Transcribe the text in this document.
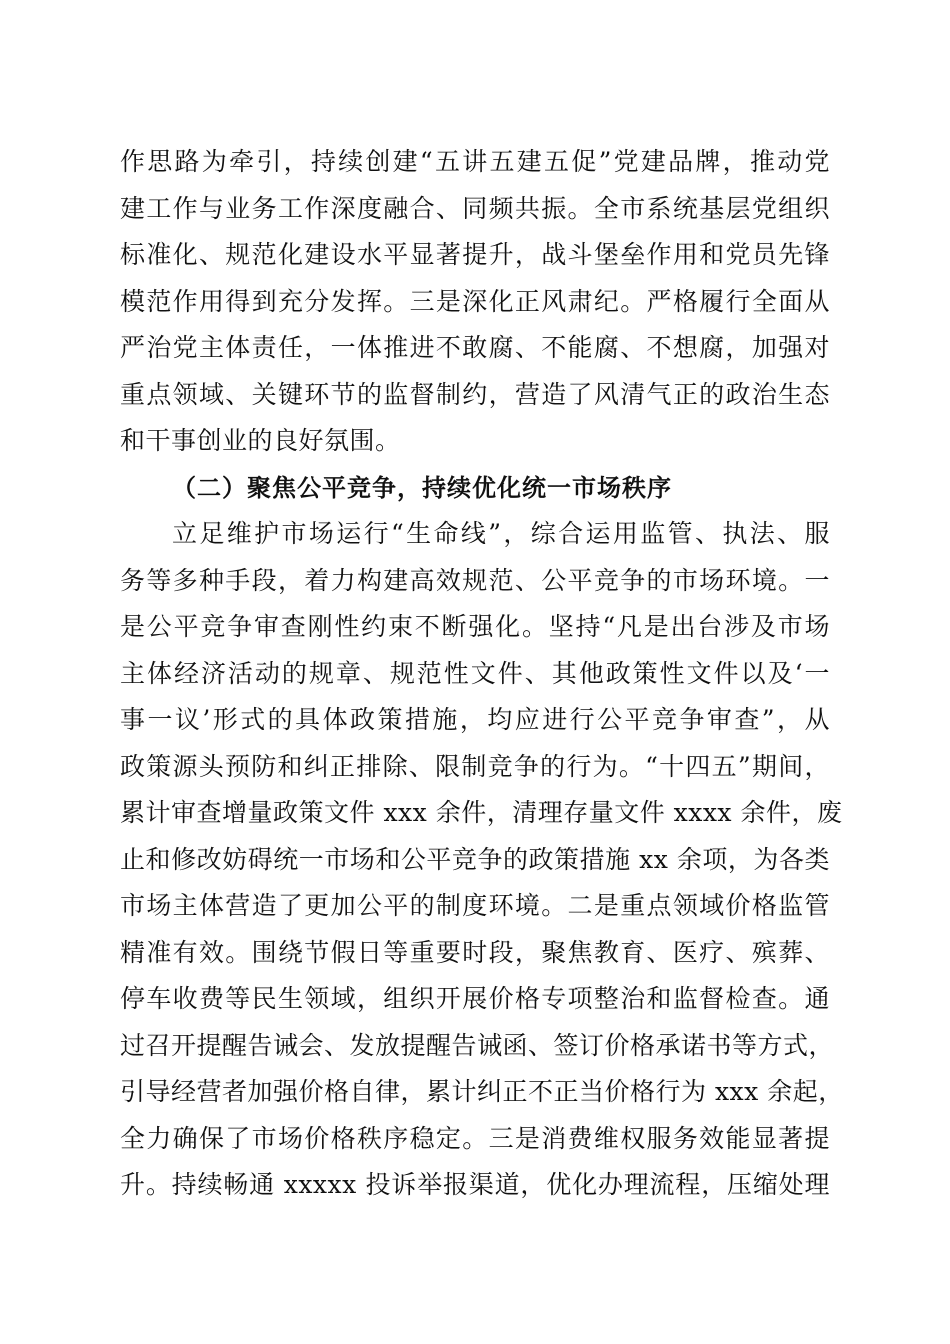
作思路为牵引，持续创建“五讲五建五促”党建品牌，推动党
建工作与业务工作深度融合、同频共振。全市系统基层党组织
标准化、规范化建设水平显著提升，战斗堡垒作用和党员先锋
模范作用得到充分发挥。三是深化正风肃纪。严格履行全面从
严治党主体责任，一体推进不敢腐、不能腐、不想腐，加强对
重点领域、关键环节的监督制约，营造了风清气正的政治生态
和干事创业的良好氛围。
（二）聚焦公平竞争，持续优化统一市场秩序
立足维护市场运行“生命线”，综合运用监管、执法、服
务等多种手段，着力构建高效规范、公平竞争的市场环境。一
是公平竞争审查刚性约束不断强化。坚持“凡是出台涉及市场
主体经济活动的规章、规范性文件、其他政策性文件以及‘一
事一议’形式的具体政策措施，均应进行公平竞争审查”，从
政策源头预防和纠正排除、限制竞争的行为。“十四五”期间，
累计审查增量政策文件 xxx 余件，清理存量文件 xxxx 余件，废
止和修改妨碍统一市场和公平竞争的政策措施 xx 余项，为各类
市场主体营造了更加公平的制度环境。二是重点领域价格监管
精准有效。围绕节假日等重要时段，聚焦教育、医疗、殡葬、
停车收费等民生领域，组织开展价格专项整治和监督检查。通
过召开提醒告诫会、发放提醒告诫函、签订价格承诺书等方式，
引导经营者加强价格自律，累计纠正不正当价格行为 xxx 余起，
全力确保了市场价格秩序稳定。三是消费维权服务效能显著提
升。持续畅通 xxxxx 投诉举报渠道，优化办理流程，压缩处理
